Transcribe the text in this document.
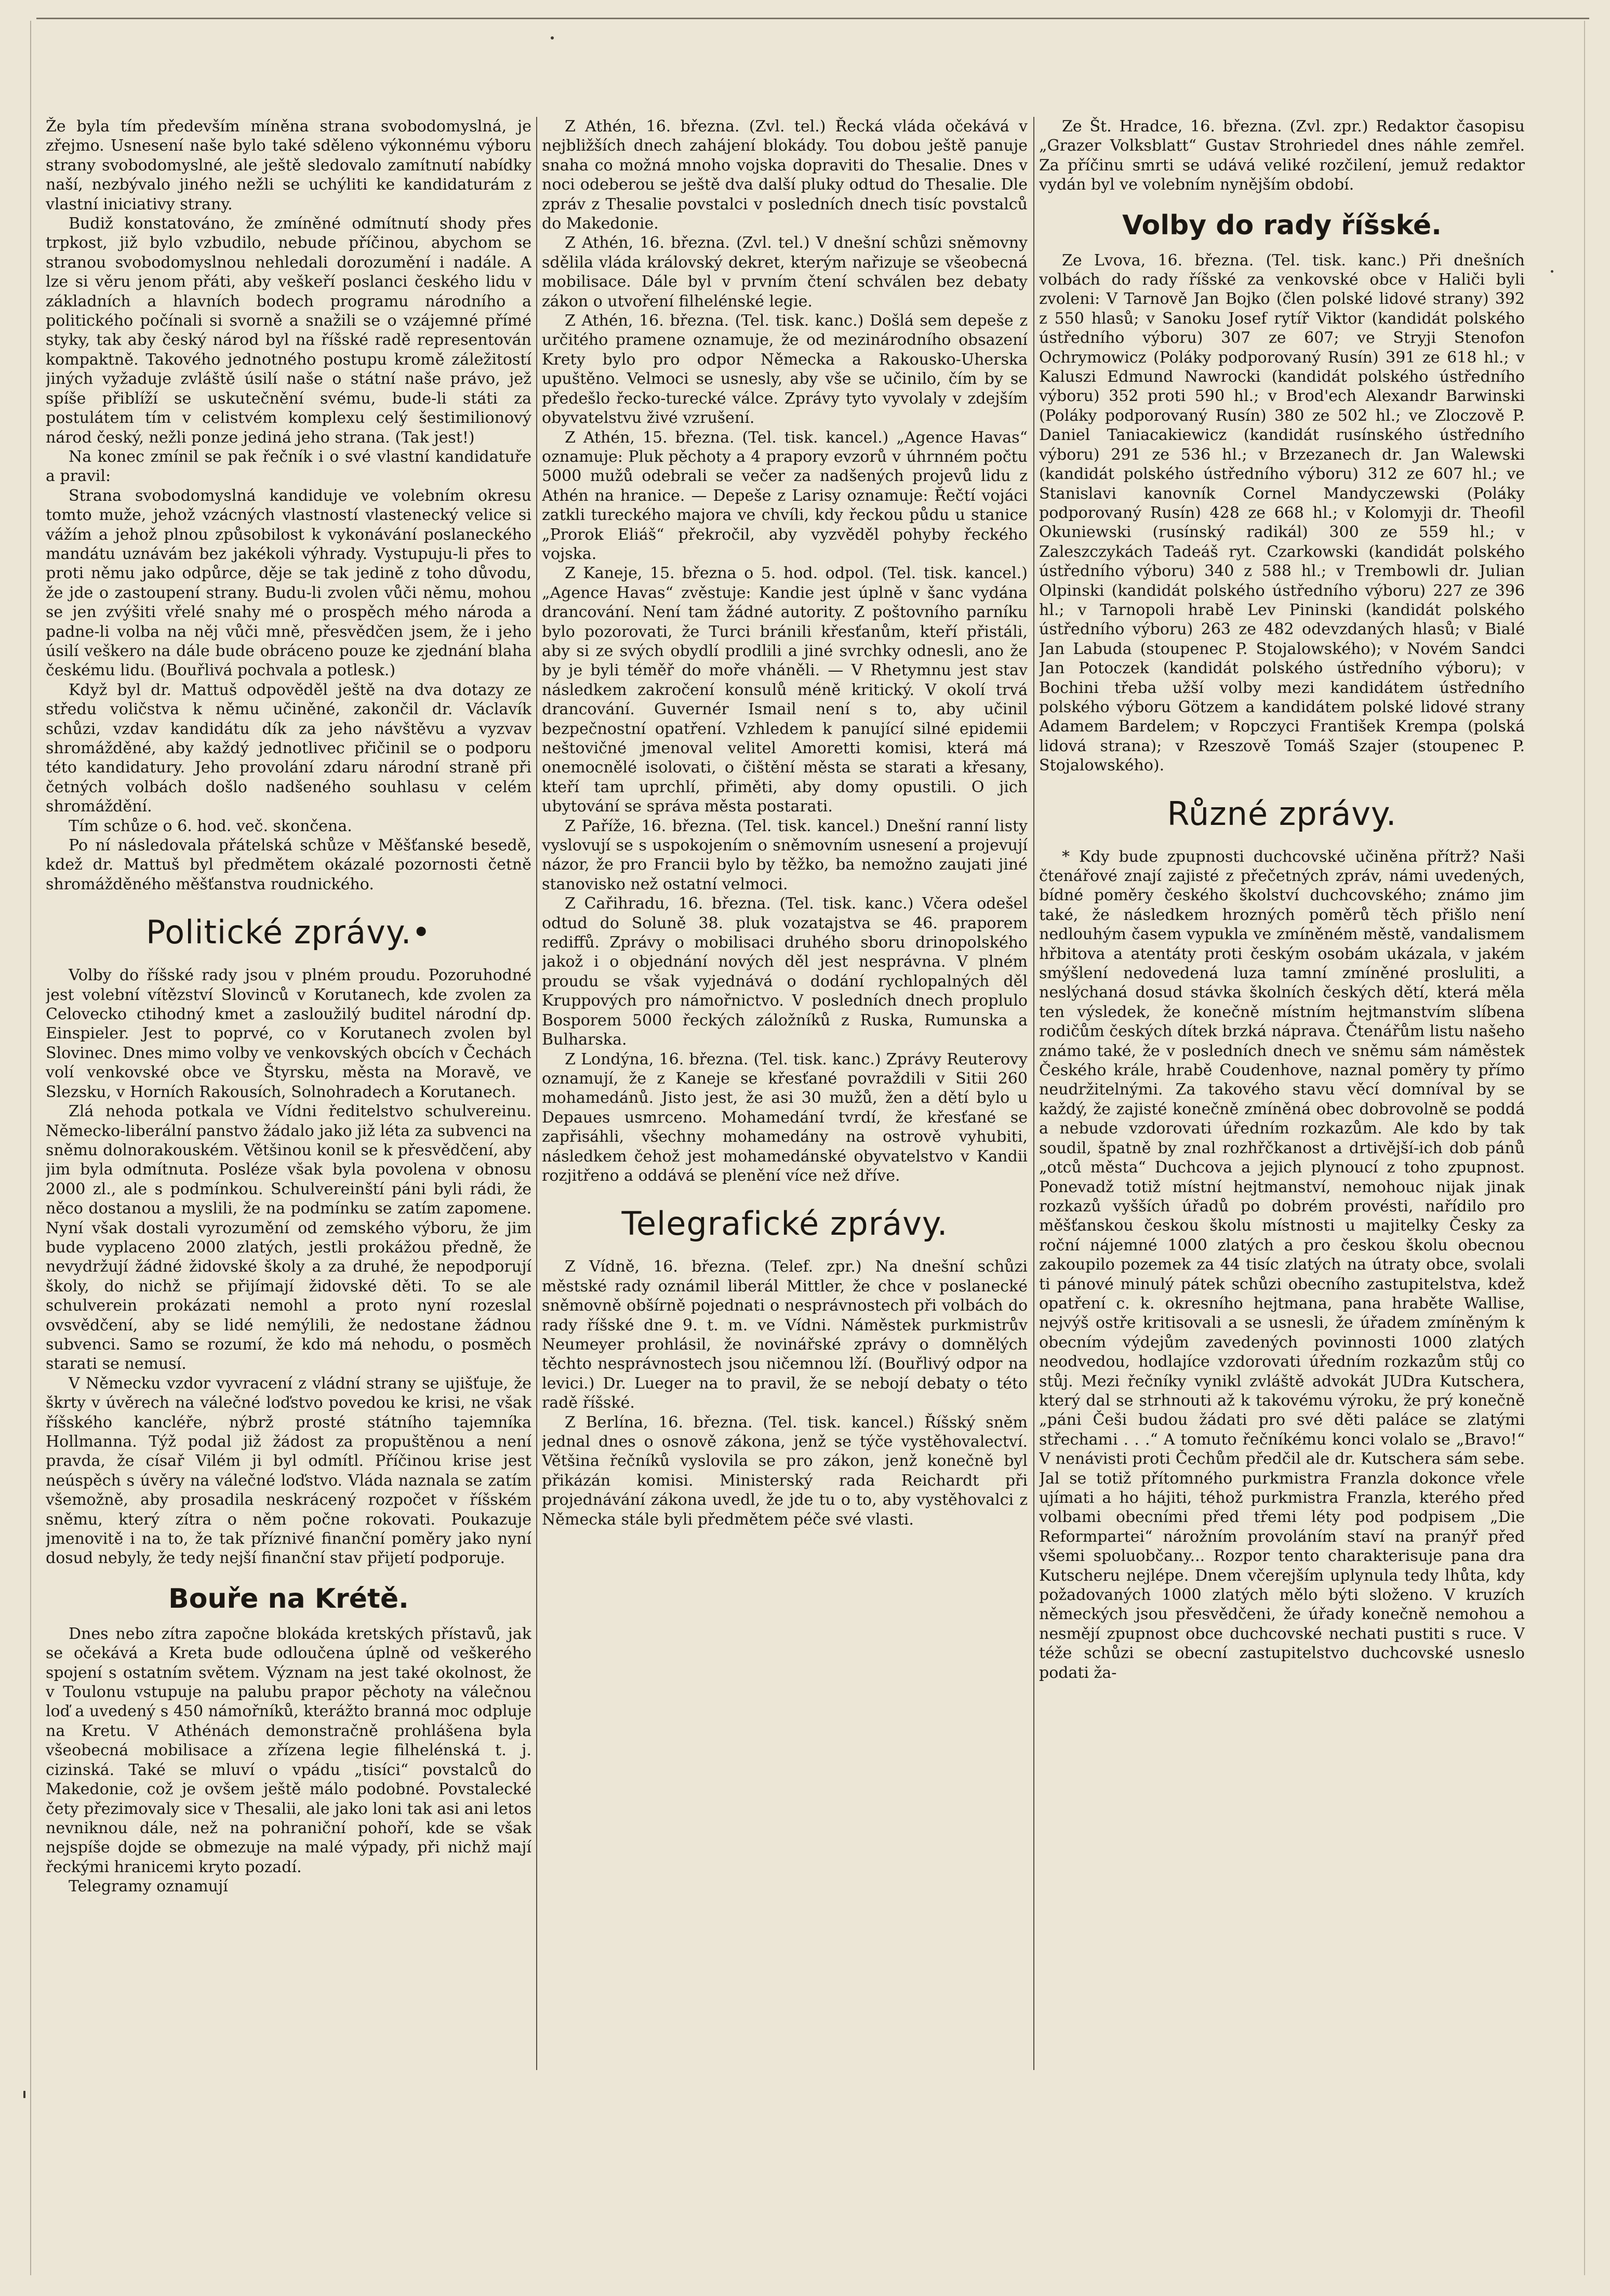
Že byla tím především míněna strana svobodomyslná, je zřejmo. Usnesení naše bylo také sděleno výkonnému výboru strany svobodomyslné, ale ještě sledovalo zamítnutí nabídky naší, nezbývalo jiného nežli se uchýliti ke kandidaturám z vlastní iniciativy strany.

Budiž konstatováno, že zmíněné odmítnutí shody přes trpkost, již bylo vzbudilo, nebude příčinou, abychom se stranou svobodomyslnou nehledali dorozumění i nadále. A lze si věru jenom přáti, aby veškeří poslanci českého lidu v základních a hlavních bodech programu národního a politického počínali si svorně a snažili se o vzájemné přímé styky, tak aby český národ byl na říšské radě representován kompaktně. Takového jednotného postupu kromě záležitostí jiných vyžaduje zvláště úsilí naše o státní naše právo, jež spíše přiblíží se uskutečnění svému, bude-li státi za postulátem tím v celistvém komplexu celý šestimilionový národ český, nežli ponze jediná jeho strana. (Tak jest!)

Na konec zmínil se pak řečník i o své vlastní kandidatuře a pravil:

Strana svobodomyslná kandiduje ve volebním okresu tomto muže, jehož vzácných vlastností vlastenecký velice si vážím a jehož plnou způsobilost k vykonávání poslaneckého mandátu uznávám bez jakékoli výhrady. Vystupuju-li přes to proti němu jako odpůrce, děje se tak jedině z toho důvodu, že jde o zastoupení strany. Budu-li zvolen vůči němu, mohou se jen zvýšiti vřelé snahy mé o prospěch mého národa a padne-li volba na něj vůči mně, přesvědčen jsem, že i jeho úsilí veškero na dále bude obráceno pouze ke zjednání blaha českému lidu. (Bouřlivá pochvala a potlesk.)

Když byl dr. Mattuš odpověděl ještě na dva dotazy ze středu voličstva k němu učiněné, zakončil dr. Václavík schůzi, vzdav kandidátu dík za jeho návštěvu a vyzvav shromážděné, aby každý jednotlivec přičinil se o podporu této kandidatury. Jeho provolání zdaru národní straně při četných volbách došlo nadšeného souhlasu v celém shromáždění.

Tím schůze o 6. hod. več. skončena.

Po ní následovala přátelská schůze v Měšťanské besedě, kdež dr. Mattuš byl předmětem okázalé pozornosti četně shromážděného měšťanstva roudnického.

Politické zprávy.•

Volby do říšské rady jsou v plném proudu. Pozoruhodné jest volební vítězství Slovinců v Korutanech, kde zvolen za Celovecko ctihodný kmet a zasloužilý buditel národní dp. Einspieler. Jest to poprvé, co v Korutanech zvolen byl Slovinec. Dnes mimo volby ve venkovských obcích v Čechách volí venkovské obce ve Štyrsku, města na Moravě, ve Slezsku, v Horních Rakousích, Solnohradech a Korutanech.

Zlá nehoda potkala ve Vídni ředitelstvo schulvereinu. Německo-liberální panstvo žádalo jako již léta za subvenci na sněmu dolnorakouském. Většinou konil se k přesvědčení, aby jim byla odmítnuta. Posléze však byla povolena v obnosu 2000 zl., ale s podmínkou. Schulvereinští páni byli rádi, že něco dostanou a myslili, že na podmínku se zatím zapomene. Nyní však dostali vyrozumění od zemského výboru, že jim bude vyplaceno 2000 zlatých, jestli prokážou předně, že nevydržují žádné židovské školy a za druhé, že nepodporují školy, do nichž se přijímají židovské děti. To se ale schulverein prokázati nemohl a proto nyní rozeslal ovsvědčení, aby se lidé nemýlili, že nedostane žádnou subvenci. Samo se rozumí, že kdo má nehodu, o posměch starati se nemusí.

V Německu vzdor vyvracení z vládní strany se ujišťuje, že škrty v úvěrech na válečné loďstvo povedou ke krisi, ne však říšského kancléře, nýbrž prosté státního tajemníka Hollmanna. Týž podal již žádost za propuštěnou a není pravda, že císař Vilém ji byl odmítl. Příčinou krise jest neúspěch s úvěry na válečné loďstvo. Vláda naznala se zatím všemožně, aby prosadila neskrácený rozpočet v říšském sněmu, který zítra o něm počne rokovati. Poukazuje jmenovitě i na to, že tak příznivé finanční poměry jako nyní dosud nebyly, že tedy nejší finanční stav přijetí podporuje.

Bouře na Krétě.

Dnes nebo zítra započne blokáda kretských přístavů, jak se očekává a Kreta bude odloučena úplně od veškerého spojení s ostatním světem. Význam na jest také okolnost, že v Toulonu vstupuje na palubu prapor pěchoty na válečnou loď a uvedený s 450 námořníků, kterážto branná moc odpluje na Kretu. V Athénách demonstračně prohlášena byla všeobecná mobilisace a zřízena legie filhelénská t. j. cizinská. Také se mluví o vpádu „tisíci“ povstalců do Makedonie, což je ovšem ještě málo podobné. Povstalecké čety přezimovaly sice v Thesalii, ale jako loni tak asi ani letos nevniknou dále, než na pohraniční pohoří, kde se však nejspíše dojde se obmezuje na malé výpady, při nichž mají řeckými hranicemi kryto pozadí.

Telegramy oznamují

Z Athén, 16. března. (Zvl. tel.) Řecká vláda očekává v nejbližších dnech zahájení blokády. Tou dobou ještě panuje snaha co možná mnoho vojska dopraviti do Thesalie. Dnes v noci odeberou se ještě dva další pluky odtud do Thesalie. Dle zpráv z Thesalie povstalci v posledních dnech tisíc povstalců do Makedonie.

Z Athén, 16. března. (Zvl. tel.) V dnešní schůzi sněmovny sdělila vláda královský dekret, kterým nařizuje se všeobecná mobilisace. Dále byl v prvním čtení schválen bez debaty zákon o utvoření filhelénské legie.

Z Athén, 16. března. (Tel. tisk. kanc.) Došlá sem depeše z určitého pramene oznamuje, že od mezinárodního obsazení Krety bylo pro odpor Německa a Rakousko-Uherska upuštěno. Velmoci se usnesly, aby vše se učinilo, čím by se předešlo řecko-turecké válce. Zprávy tyto vyvolaly v zdejším obyvatelstvu živé vzrušení.

Z Athén, 15. března. (Tel. tisk. kancel.) „Agence Havas“ oznamuje: Pluk pěchoty a 4 prapory evzorů v úhrnném počtu 5000 mužů odebrali se večer za nadšených projevů lidu z Athén na hranice. — Depeše z Larisy oznamuje: Řečtí vojáci zatkli tureckého majora ve chvíli, kdy řeckou půdu u stanice „Prorok Eliáš“ překročil, aby vyzvěděl pohyby řeckého vojska.

Z Kaneje, 15. března o 5. hod. odpol. (Tel. tisk. kancel.) „Agence Havas“ zvěstuje: Kandie jest úplně v šanc vydána drancování. Není tam žádné autority. Z poštovního parníku bylo pozorovati, že Turci bránili křesťanům, kteří přistáli, aby si ze svých obydlí prodlili a jiné svrchky odnesli, ano že by je byli téměř do moře vháněli. — V Rhetymnu jest stav následkem zakročení konsulů méně kritický. V okolí trvá drancování. Guvernér Ismail není s to, aby učinil bezpečnostní opatření. Vzhledem k panující silné epidemii neštovičné jmenoval velitel Amoretti komisi, která má onemocnělé isolovati, o čištění města se starati a křesany, kteří tam uprchlí, přiměti, aby domy opustili. O jich ubytování se správa města postarati.

Z Paříže, 16. března. (Tel. tisk. kancel.) Dnešní ranní listy vyslovují se s uspokojením o sněmovním usnesení a projevují názor, že pro Francii bylo by těžko, ba nemožno zaujati jiné stanovisko než ostatní velmoci.

Z Cařihradu, 16. března. (Tel. tisk. kanc.) Včera odešel odtud do Soluně 38. pluk vozatajstva se 46. praporem rediffů. Zprávy o mobilisaci druhého sboru drinopolského jakož i o objednání nových děl jest nesprávna. V plném proudu se však vyjednává o dodání rychlopalných děl Kruppových pro námořnictvo. V posledních dnech proplulo Bosporem 5000 řeckých záložníků z Ruska, Rumunska a Bulharska.

Z Londýna, 16. března. (Tel. tisk. kanc.) Zprávy Reuterovy oznamují, že z Kaneje se křesťané povraždili v Sitii 260 mohamedánů. Jisto jest, že asi 30 mužů, žen a dětí bylo u Depaues usmrceno. Mohamedání tvrdí, že křesťané se zapřisáhli, všechny mohamedány na ostrově vyhubiti, následkem čehož jest mohamedánské obyvatelstvo v Kandii rozjitřeno a oddává se plenění více než dříve.

Telegrafické zprávy.

Z Vídně, 16. března. (Telef. zpr.) Na dnešní schůzi městské rady oznámil liberál Mittler, že chce v poslanecké sněmovně obšírně pojednati o nesprávnostech při volbách do rady říšské dne 9. t. m. ve Vídni. Náměstek purkmistrův Neumeyer prohlásil, že novinářské zprávy o domnělých těchto nesprávnostech jsou ničemnou lží. (Bouřlivý odpor na levici.) Dr. Lueger na to pravil, že se nebojí debaty o této radě říšské.

Z Berlína, 16. března. (Tel. tisk. kancel.) Říšský sněm jednal dnes o osnově zákona, jenž se týče vystěhovalectví. Většina řečníků vyslovila se pro zákon, jenž konečně byl přikázán komisi. Ministerský rada Reichardt při projednávání zákona uvedl, že jde tu o to, aby vystěhovalci z Německa stále byli předmětem péče své vlasti.

Ze Št. Hradce, 16. března. (Zvl. zpr.) Redaktor časopisu „Grazer Volksblatt“ Gustav Strohriedel dnes náhle zemřel. Za příčinu smrti se udává veliké rozčilení, jemuž redaktor vydán byl ve volebním nynějším období.

Volby do rady říšské.

Ze Lvova, 16. března. (Tel. tisk. kanc.) Při dnešních volbách do rady říšské za venkovské obce v Haliči byli zvoleni: V Tarnově Jan Bojko (člen polské lidové strany) 392 z 550 hlasů; v Sanoku Josef rytíř Viktor (kandidát polského ústředního výboru) 307 ze 607; ve Stryji Stenofon Ochrymowicz (Poláky podporovaný Rusín) 391 ze 618 hl.; v Kaluszi Edmund Nawrocki (kandidát polského ústředního výboru) 352 proti 590 hl.; v Brod'ech Alexandr Barwinski (Poláky podporovaný Rusín) 380 ze 502 hl.; ve Zloczově P. Daniel Taniacakiewicz (kandidát rusínského ústředního výboru) 291 ze 536 hl.; v Brzezanech dr. Jan Walewski (kandidát polského ústředního výboru) 312 ze 607 hl.; ve Stanislavi kanovník Cornel Mandyczewski (Poláky podporovaný Rusín) 428 ze 668 hl.; v Kolomyji dr. Theofil Okuniewski (rusínský radikál) 300 ze 559 hl.; v Zaleszczykách Tadeáš ryt. Czarkowski (kandidát polského ústředního výboru) 340 z 588 hl.; v Trembowli dr. Julian Olpinski (kandidát polského ústředního výboru) 227 ze 396 hl.; v Tarnopoli hrabě Lev Pininski (kandidát polského ústředního výboru) 263 ze 482 odevzdaných hlasů; v Bialé Jan Labuda (stoupenec P. Stojalowského); v Novém Sandci Jan Potoczek (kandidát polského ústředního výboru); v Bochini třeba užší volby mezi kandidátem ústředního polského výboru Götzem a kandidátem polské lidové strany Adamem Bardelem; v Ropczyci František Krempa (polská lidová strana); v Rzeszově Tomáš Szajer (stoupenec P. Stojalowského).

Různé zprávy.

* Kdy bude zpupnosti duchcovské učiněna přítrž? Naši čtenářové znají zajisté z přečetných zpráv, námi uvedených, bídné poměry českého školství duchcovského; známo jim také, že následkem hrozných poměrů těch přišlo není nedlouhým časem vypukla ve zmíněném městě, vandalismem hřbitova a atentáty proti českým osobám ukázala, v jakém smýšlení nedovedená luza tamní zmíněné prosluliti, a neslýchaná dosud stávka školních českých dětí, která měla ten výsledek, že konečně místním hejtmanstvím slíbena rodičům českých dítek brzká náprava. Čtenářům listu našeho známo také, že v posledních dnech ve sněmu sám náměstek Českého krále, hrabě Coudenhove, naznal poměry ty přímo neudržitelnými. Za takového stavu věcí domníval by se každý, že zajisté konečně zmíněná obec dobrovolně se poddá a nebude vzdorovati úředním rozkazům. Ale kdo by tak soudil, špatně by znal rozhřčkanost a drtivější-ich dob pánů „otců města“ Duchcova a jejich plynoucí z toho zpupnost. Ponevadž totiž místní hejtmanství, nemohouc nijak jinak rozkazů vyšších úřadů po dobrém provésti, nařídilo pro měšťanskou českou školu místnosti u majitelky Česky za roční nájemné 1000 zlatých a pro českou školu obecnou zakoupilo pozemek za 44 tisíc zlatých na útraty obce, svolali ti pánové minulý pátek schůzi obecního zastupitelstva, kdež opatření c. k. okresního hejtmana, pana hraběte Wallise, nejvýš ostře kritisovali a se usnesli, že úřadem zmíněným k obecním výdejům zavedených povinnosti 1000 zlatých neodvedou, hodlajíce vzdorovati úředním rozkazům stůj co stůj. Mezi řečníky vynikl zvláště advokát JUDra Kutschera, který dal se strhnouti až k takovému výroku, že prý konečně „páni Češi budou žádati pro své děti paláce se zlatými střechami . . .“ A tomuto řečníkému konci volalo se „Bravo!“ V nenávisti proti Čechům předčil ale dr. Kutschera sám sebe. Jal se totiž přítomného purkmistra Franzla dokonce vřele ujímati a ho hájiti, téhož purkmistra Franzla, kterého před volbami obecními před třemi léty pod podpisem „Die Reformpartei“ nárožním provoláním staví na pranýř před všemi spoluobčany... Rozpor tento charakterisuje pana dra Kutscheru nejlépe. Dnem včerejším uplynula tedy lhůta, kdy požadovaných 1000 zlatých mělo býti složeno. V kruzích německých jsou přesvědčeni, že úřady konečně nemohou a nesmějí zpupnost obce duchcovské nechati pustiti s ruce. V téže schůzi se obecní zastupitelstvo duchcovské usneslo podati ža-
